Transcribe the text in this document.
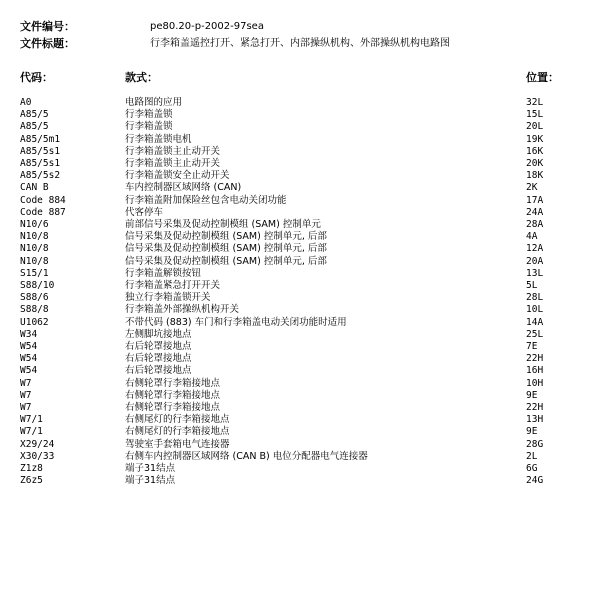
文件编号：	pe80.20-p-2002-97sea
文件标题：	行李箱盖遥控打开、紧急打开、内部操纵机构、外部操纵机构电路图
代码：	款式：	位置：
A0	电路图的应用	32L
A85/5	行李箱盖锁	15L
A85/5	行李箱盖锁	20L
A85/5m1	行李箱盖锁电机	19K
A85/5s1	行李箱盖锁主止动开关	16K
A85/5s1	行李箱盖锁主止动开关	20K
A85/5s2	行李箱盖锁安全止动开关	18K
CAN B	车内控制器区域网络 (CAN)	2K
Code 884	行李箱盖附加保险丝包含电动关闭功能	17A
Code 887	代客停车	24A
N10/6	前部信号采集及促动控制模组 (SAM) 控制单元	28A
N10/8	信号采集及促动控制模组 (SAM) 控制单元, 后部	4A
N10/8	信号采集及促动控制模组 (SAM) 控制单元, 后部	12A
N10/8	信号采集及促动控制模组 (SAM) 控制单元, 后部	20A
S15/1	行李箱盖解锁按钮	13L
S88/10	行李箱盖紧急打开开关	5L
S88/6	独立行李箱盖锁开关	28L
S88/8	行李箱盖外部操纵机构开关	10L
U1062	不带代码 (883) 车门和行李箱盖电动关闭功能时适用	14A
W34	左侧脚坑接地点	25L
W54	右后轮罩接地点	7E
W54	右后轮罩接地点	22H
W54	右后轮罩接地点	16H
W7	右侧轮罩行李箱接地点	10H
W7	右侧轮罩行李箱接地点	9E
W7	右侧轮罩行李箱接地点	22H
W7/1	右侧尾灯的行李箱接地点	13H
W7/1	右侧尾灯的行李箱接地点	9E
X29/24	驾驶室手套箱电气连接器	28G
X30/33	右侧车内控制器区域网络 (CAN B) 电位分配器电气连接器	2L
Z1z8	端子31结点	6G
Z6z5	端子31结点	24G
